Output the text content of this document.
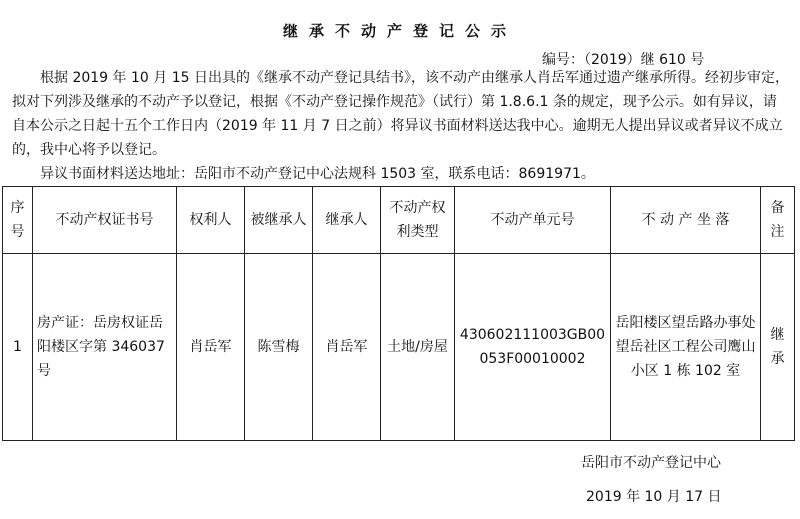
继承不动产登记公示
编号：（2019）继 610 号

根据 2019 年 10 月 15 日出具的《继承不动产登记具结书》，该不动产由继承人肖岳军通过遗产继承所得。经初步审定， 拟对下列涉及继承的不动产予以登记，根据《不动产登记操作规范》（试行）第 1.8.6.1 条的规定，现予公示。如有异议，请自本公示之日起十五个工作日内（2019 年 11 月 7 日之前）将异议书面材料送达我中心。逾期无人提出异议或者异议不成立的，我中心将予以登记。

异议书面材料送达地址：岳阳市不动产登记中心法规科 1503 室，联系电话：8691971。

序号	不动产权证书号	权利人	被继承人	继承人	不动产权利类型	不动产单元号	不 动 产 坐 落	备注
1	房产证：岳房权证岳阳楼区字第 346037 号	肖岳军	陈雪梅	肖岳军	土地/房屋	430602111003GB00053F00010002	岳阳楼区望岳路办事处望岳社区工程公司鹰山小区 1 栋 102 室	继承
岳阳市不动产登记中心
2019 年 10 月 17 日
